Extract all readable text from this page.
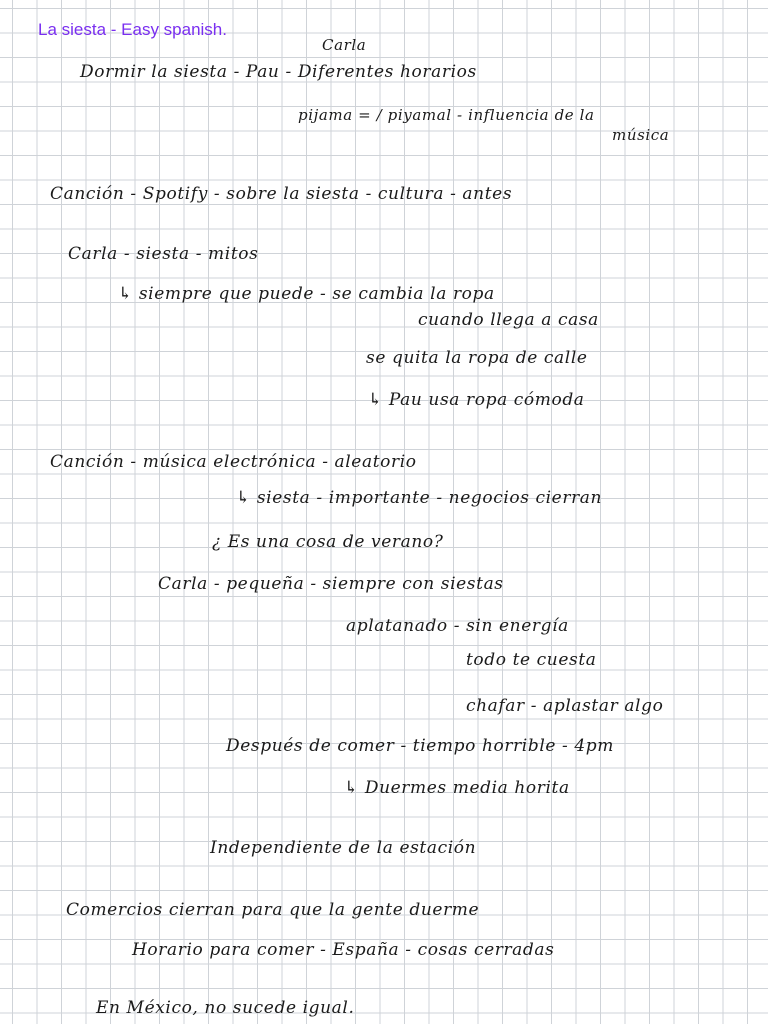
La siesta - Easy spanish.
Carla
Dormir la siesta - Pau - Diferentes horarios
pijama = / piyamal - influencia de la
música
Canción - Spotify - sobre la siesta - cultura - antes
Carla - siesta - mitos
↳ siempre que puede - se cambia la ropa
cuando llega a casa
se quita la ropa de calle
↳ Pau usa ropa cómoda
Canción - música electrónica - aleatorio
↳ siesta - importante - negocios cierran
¿ Es una cosa de verano?
Carla - pequeña - siempre con siestas
aplatanado - sin energía
todo te cuesta
chafar - aplastar algo
Después de comer - tiempo horrible - 4pm
↳ Duermes media horita
Independiente de la estación
Comercios cierran para que la gente duerme
Horario para comer - España - cosas cerradas
En México, no sucede igual.
